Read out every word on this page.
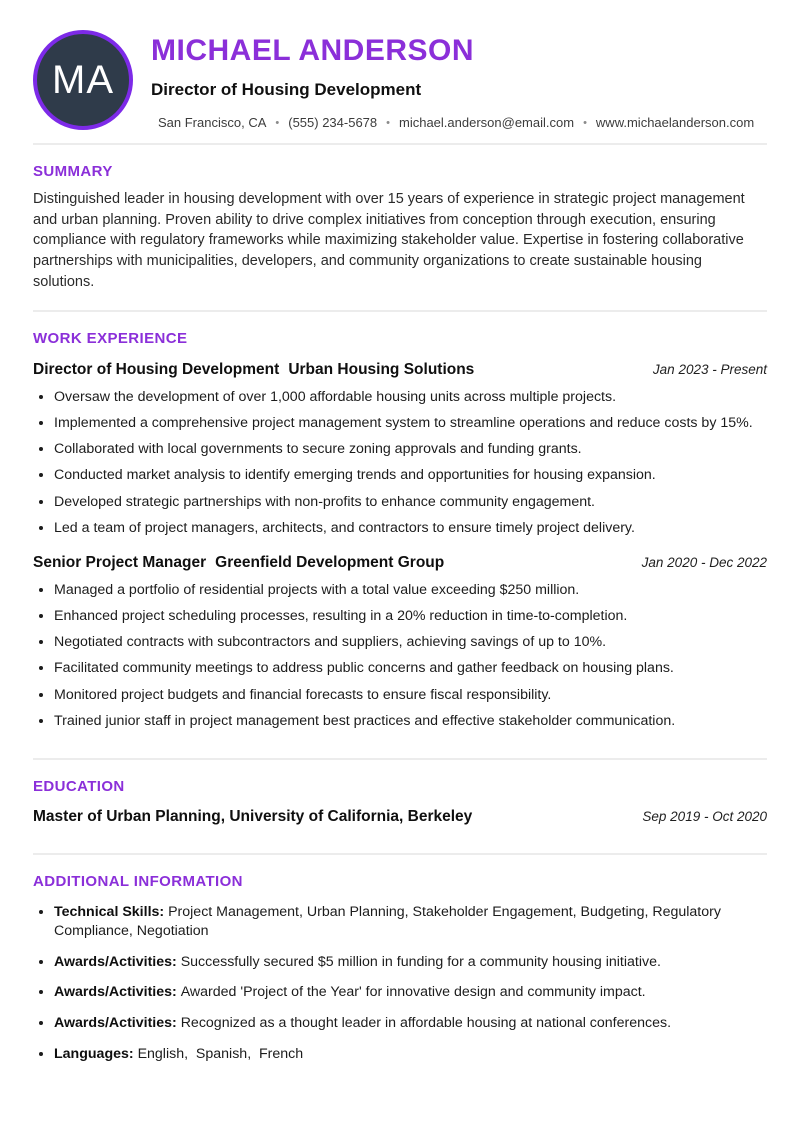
MA
MICHAEL ANDERSON
Director of Housing Development
San Francisco, CA • (555) 234-5678 • michael.anderson@email.com • www.michaelanderson.com
SUMMARY

Distinguished leader in housing development with over 15 years of experience in strategic project management and urban planning. Proven ability to drive complex initiatives from conception through execution, ensuring compliance with regulatory frameworks while maximizing stakeholder value. Expertise in fostering collaborative partnerships with municipalities, developers, and community organizations to create sustainable housing solutions.

WORK EXPERIENCE
Director of Housing Development Urban Housing Solutions	Jan 2023 - Present
• Oversaw the development of over 1,000 affordable housing units across multiple projects.
• Implemented a comprehensive project management system to streamline operations and reduce costs by 15%.
• Collaborated with local governments to secure zoning approvals and funding grants.
• Conducted market analysis to identify emerging trends and opportunities for housing expansion.
• Developed strategic partnerships with non-profits to enhance community engagement.
• Led a team of project managers, architects, and contractors to ensure timely project delivery.
Senior Project Manager Greenfield Development Group	Jan 2020 - Dec 2022
• Managed a portfolio of residential projects with a total value exceeding $250 million.
• Enhanced project scheduling processes, resulting in a 20% reduction in time-to-completion.
• Negotiated contracts with subcontractors and suppliers, achieving savings of up to 10%.
• Facilitated community meetings to address public concerns and gather feedback on housing plans.
• Monitored project budgets and financial forecasts to ensure fiscal responsibility.
• Trained junior staff in project management best practices and effective stakeholder communication.
EDUCATION
Master of Urban Planning, University of California, Berkeley	Sep 2019 - Oct 2020
ADDITIONAL INFORMATION
• Technical Skills: Project Management, Urban Planning, Stakeholder Engagement, Budgeting, Regulatory Compliance, Negotiation
• Awards/Activities: Successfully secured $5 million in funding for a community housing initiative.
• Awards/Activities: Awarded 'Project of the Year' for innovative design and community impact.
• Awards/Activities: Recognized as a thought leader in affordable housing at national conferences.
• Languages: English,  Spanish,  French
